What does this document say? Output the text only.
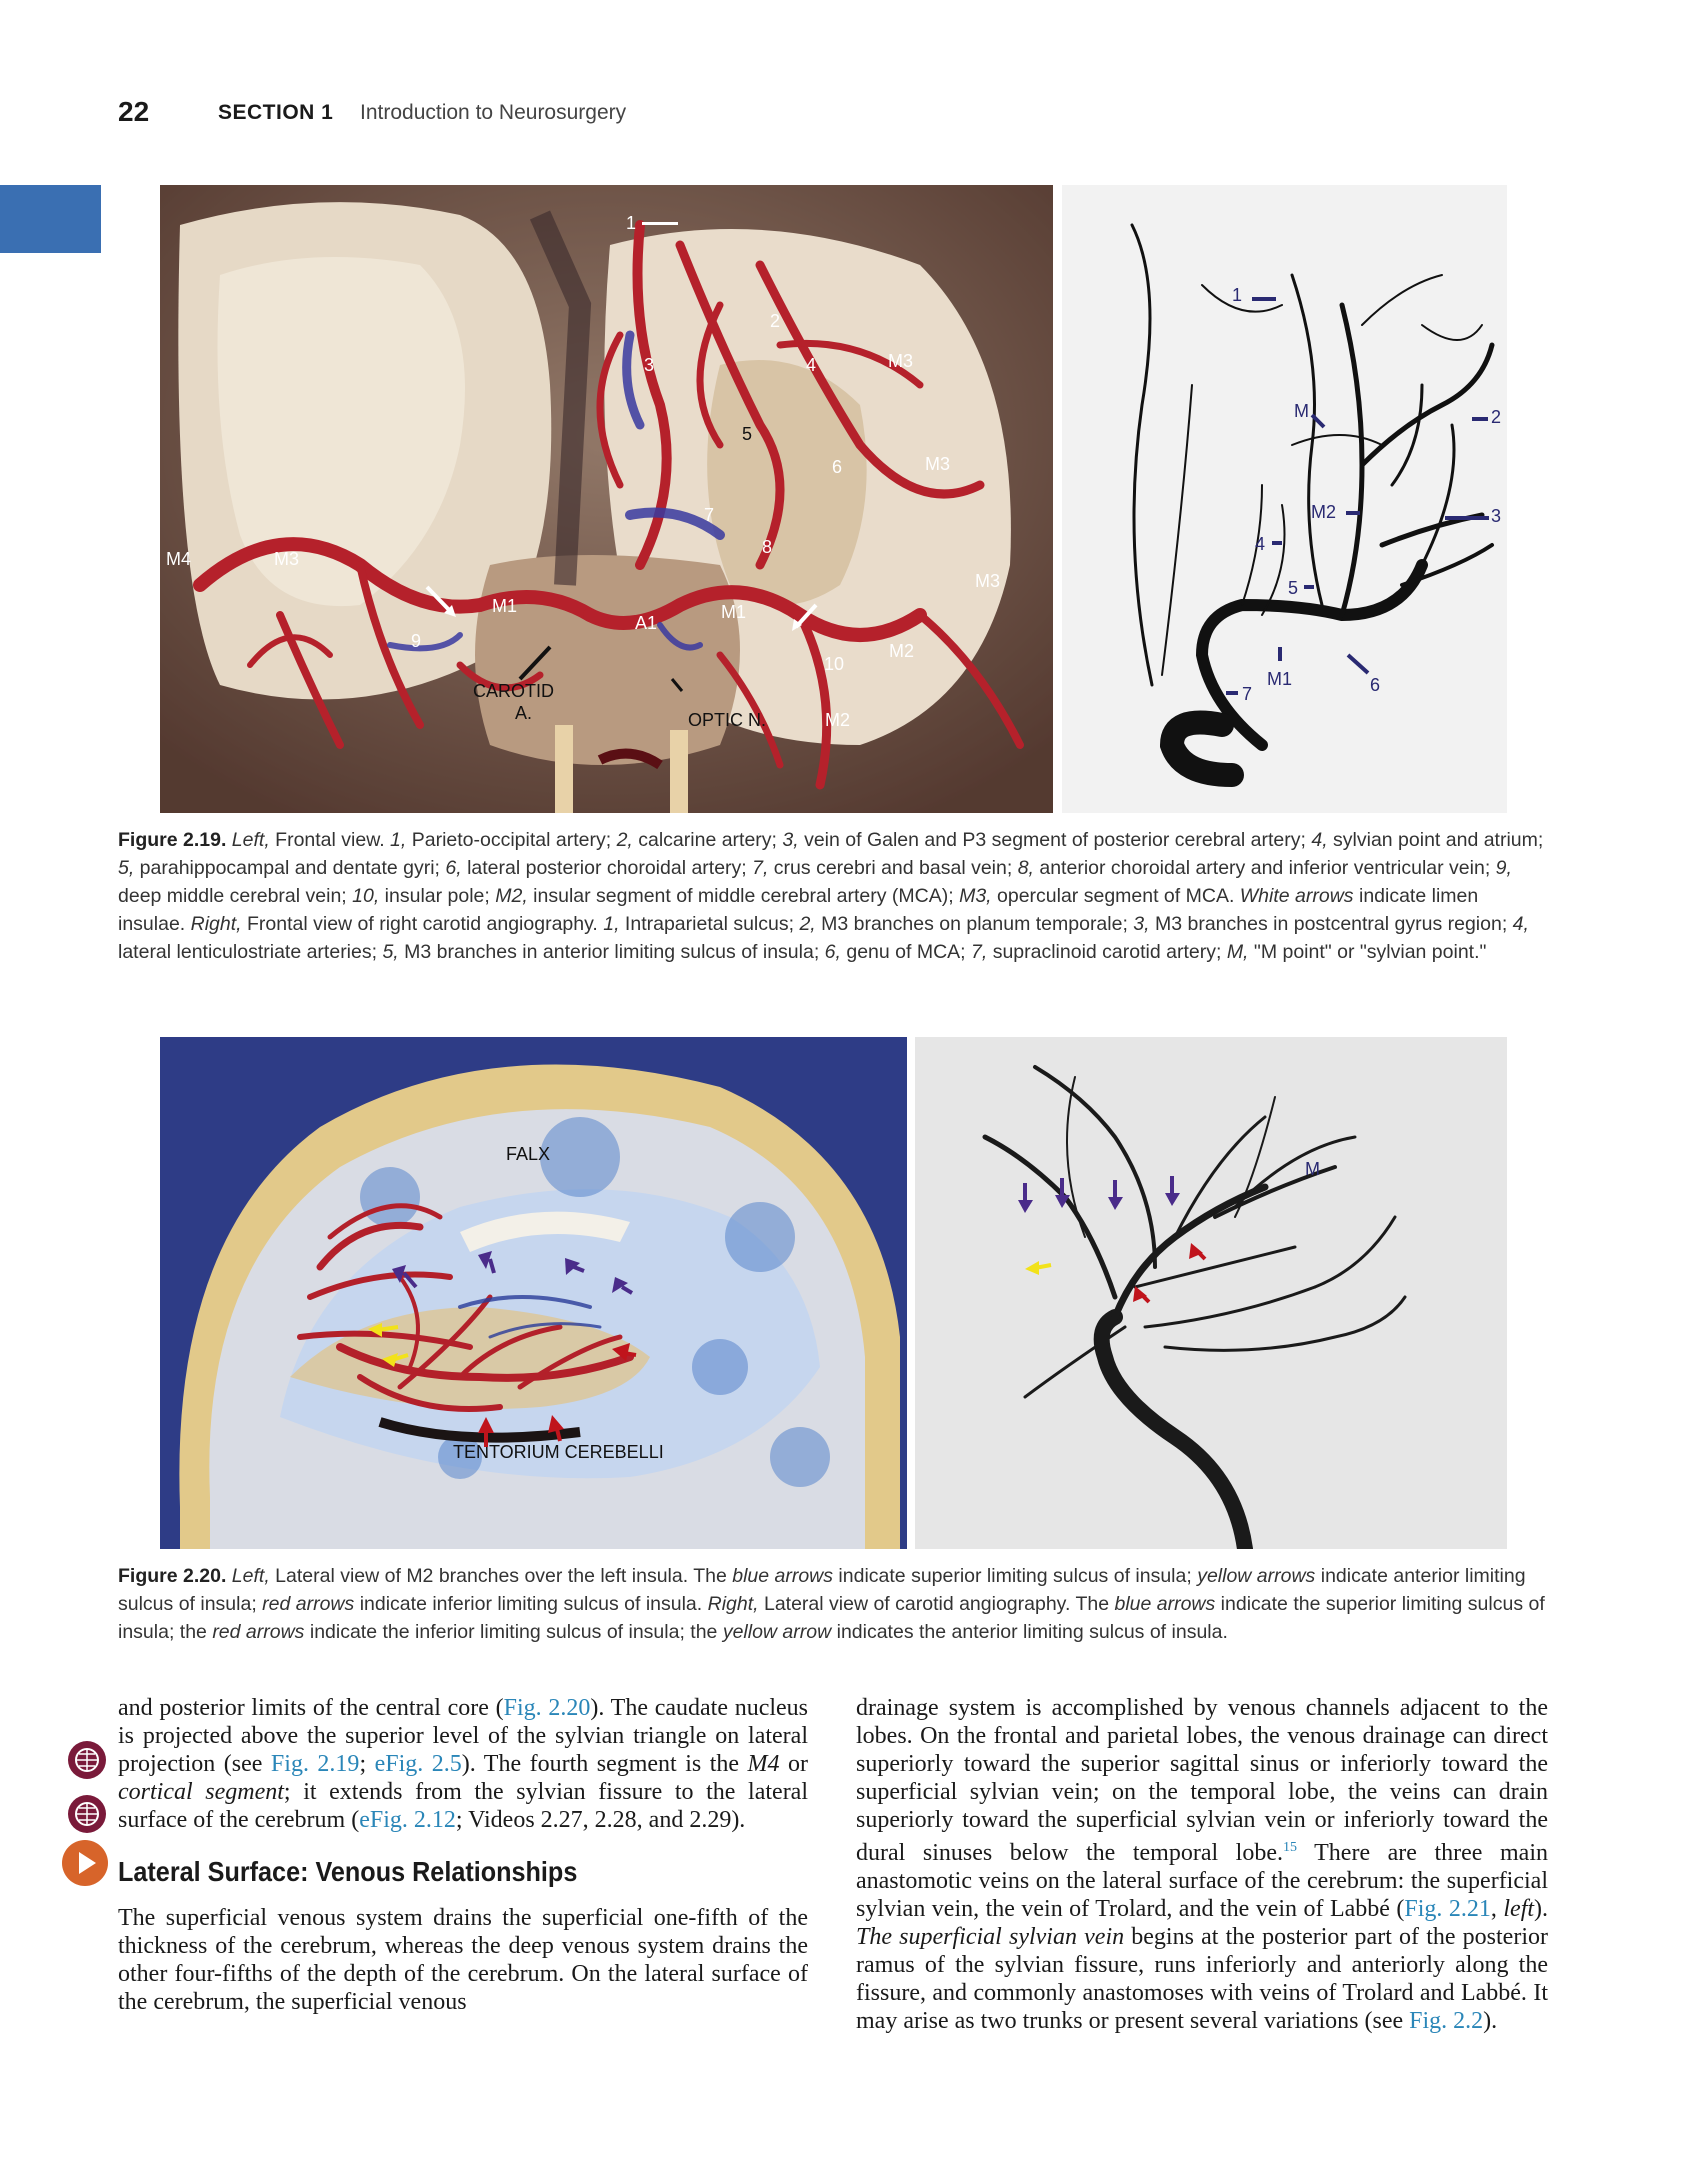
22	SECTION 1 Introduction to Neurosurgery
1
2
3	4	M3
5
6	M3
7
8
M4	M3
M3
M1
A1
M1
9
10
M2
CAROTID
A.	OPTIC N.	M2
1
M	2
M2	3
4
5
M1	6
7
Figure 2.19. Left, Frontal view. 1, Parieto-occipital artery; 2, calcarine artery; 3, vein of Galen and P3 segment of posterior cerebral artery; 4, sylvian point and atrium; 5, parahippocampal and dentate gyri; 6, lateral posterior choroidal artery; 7, crus cerebri and basal vein; 8, anterior choroidal artery and inferior ventricular vein; 9, deep middle cerebral vein; 10, insular pole; M2, insular segment of middle cerebral artery (MCA); M3, opercular segment of MCA. White arrows indicate limen insulae. Right, Frontal view of right carotid angiography. 1, Intraparietal sulcus; 2, M3 branches on planum temporale; 3, M3 branches in postcentral gyrus region; 4, lateral lenticulostriate arteries; 5, M3 branches in anterior limiting sulcus of insula; 6, genu of MCA; 7, supraclinoid carotid artery; M, "M point" or "sylvian point."
FALX
TENTORIUM CEREBELLI
M
Figure 2.20. Left, Lateral view of M2 branches over the left insula. The blue arrows indicate superior limiting sulcus of insula; yellow arrows indicate anterior limiting sulcus of insula; red arrows indicate inferior limiting sulcus of insula. Right, Lateral view of carotid angiography. The blue arrows indicate the superior limiting sulcus of insula; the red arrows indicate the inferior limiting sulcus of insula; the yellow arrow indicates the anterior limiting sulcus of insula.

and posterior limits of the central core (Fig. 2.20). The caudate nucleus is projected above the superior level of the sylvian triangle on lateral projection (see Fig. 2.19; eFig. 2.5). The fourth segment is the M4 or cortical segment; it extends from the sylvian fissure to the lateral surface of the cerebrum (eFig. 2.12; Videos 2.27, 2.28, and 2.29).

Lateral Surface: Venous Relationships

The superficial venous system drains the superficial one-fifth of the thickness of the cerebrum, whereas the deep venous system drains the other four-fifths of the depth of the cerebrum. On the lateral surface of the cerebrum, the superficial venous

drainage system is accomplished by venous channels adjacent to the lobes. On the frontal and parietal lobes, the venous drainage can direct superiorly toward the superior sagittal sinus or inferiorly toward the superficial sylvian vein; on the temporal lobe, the veins can drain superiorly toward the superficial sylvian vein or inferiorly toward the dural sinuses below the temporal lobe.$^{15}$ There are three main anastomotic veins on the lateral surface of the cerebrum: the superficial sylvian vein, the vein of Trolard, and the vein of Labbé (Fig. 2.21, left). The superficial sylvian vein begins at the posterior part of the posterior ramus of the sylvian fissure, runs inferiorly and anteriorly along the fissure, and commonly anastomoses with veins of Trolard and Labbé. It may arise as two trunks or present several variations (see Fig. 2.2).
